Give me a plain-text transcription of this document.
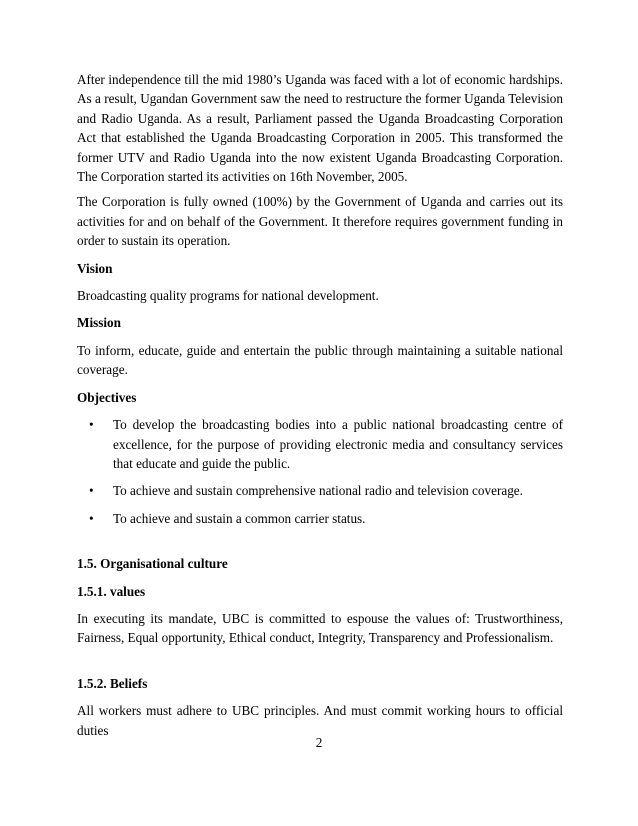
After independence till the mid 1980’s Uganda was faced with a lot of economic hardships. As a result, Ugandan Government saw the need to restructure the former Uganda Television and Radio Uganda. As a result, Parliament passed the Uganda Broadcasting Corporation Act that established the Uganda Broadcasting Corporation in 2005. This transformed the former UTV and Radio Uganda into the now existent Uganda Broadcasting Corporation. The Corporation started its activities on 16th November, 2005.

The Corporation is fully owned (100%) by the Government of Uganda and carries out its activities for and on behalf of the Government. It therefore requires government funding in order to sustain its operation.

Vision

Broadcasting quality programs for national development.

Mission

To inform, educate, guide and entertain the public through maintaining a suitable national coverage.

Objectives

• To develop the broadcasting bodies into a public national broadcasting centre of excellence, for the purpose of providing electronic media and consultancy services that educate and guide the public.
• To achieve and sustain comprehensive national radio and television coverage.
• To achieve and sustain a common carrier status.

1.5. Organisational culture

1.5.1. values

In executing its mandate, UBC is committed to espouse the values of: Trustworthiness, Fairness, Equal opportunity, Ethical conduct, Integrity, Transparency and Professionalism.

1.5.2. Beliefs

All workers must adhere to UBC principles. And must commit working hours to official duties

2
